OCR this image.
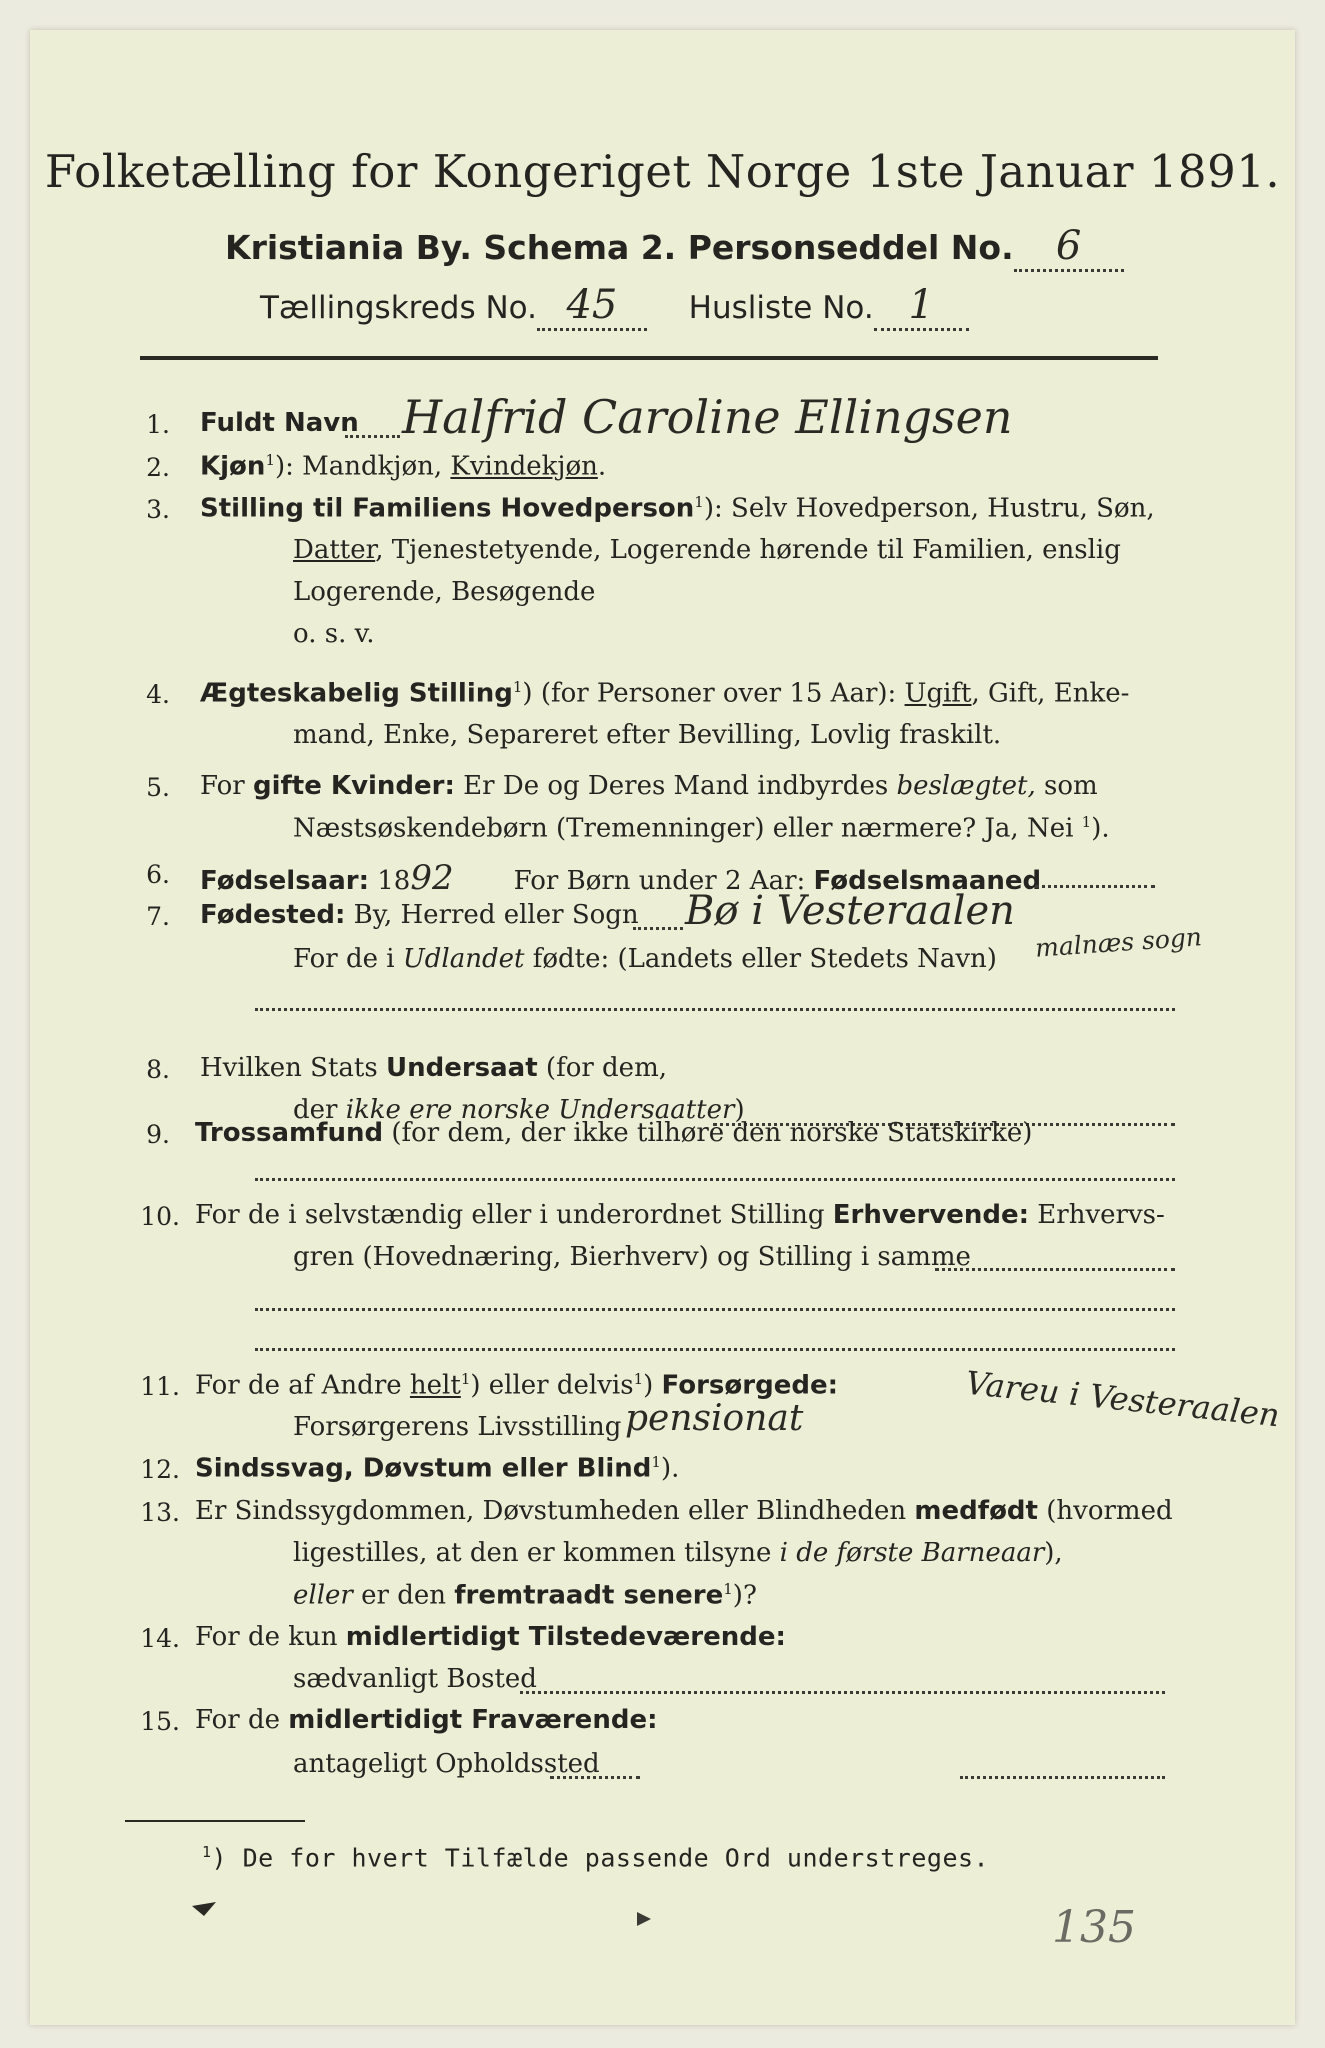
Folketælling for Kongeriget Norge 1ste Januar 1891.
Kristiania By. Schema 2. Personseddel No. 6
Tællingskreds No. 45 Husliste No. 1
1. Fuldt Navn Halfrid Caroline Ellingsen
2. Kjøn$^1$): Mandkjøn, Kvindekjøn.
3. Stilling til Familiens Hovedperson$^1$): Selv Hovedperson, Hustru, Søn,
Datter, Tjenestetyende, Logerende hørende til Familien, enslig
Logerende, Besøgende
o. s. v.
4. Ægteskabelig Stilling$^1$) (for Personer over 15 Aar): Ugift, Gift, Enke-
mand, Enke, Separeret efter Bevilling, Lovlig fraskilt.
5. For gifte Kvinder: Er De og Deres Mand indbyrdes beslægtet, som
Næstsøskendebørn (Tremenninger) eller nærmere? Ja, Nei $^1$).
6. Fødselsaar: 1892 For Børn under 2 Aar: Fødselsmaaned
7. Fødested: By, Herred eller Sogn Bø i Vesteraalen
For de i Udlandet fødte: (Landets eller Stedets Navn) malnæs sogn
8. Hvilken Stats Undersaat (for dem,
der ikke ere norske Undersaatter)
9. Trossamfund (for dem, der ikke tilhøre den norske Statskirke)
10. For de i selvstændig eller i underordnet Stilling Erhvervende: Erhvervs-
gren (Hovednæring, Bierhverv) og Stilling i samme
11. For de af Andre helt$^1$) eller delvis$^1$) Forsørgede:
Forsørgerens Livsstilling pensionat	Vareu i Vesteraalen
12. Sindssvag, Døvstum eller Blind$^1$).
13. Er Sindssygdommen, Døvstumheden eller Blindheden medfødt (hvormed
ligestilles, at den er kommen tilsyne i de første Barneaar),
eller er den fremtraadt senere$^1$)?
14. For de kun midlertidigt Tilstedeværende:
sædvanligt Bosted
15. For de midlertidigt Fraværende:
antageligt Opholdssted
$^1$) De for hvert Tilfælde passende Ord understreges.
135
